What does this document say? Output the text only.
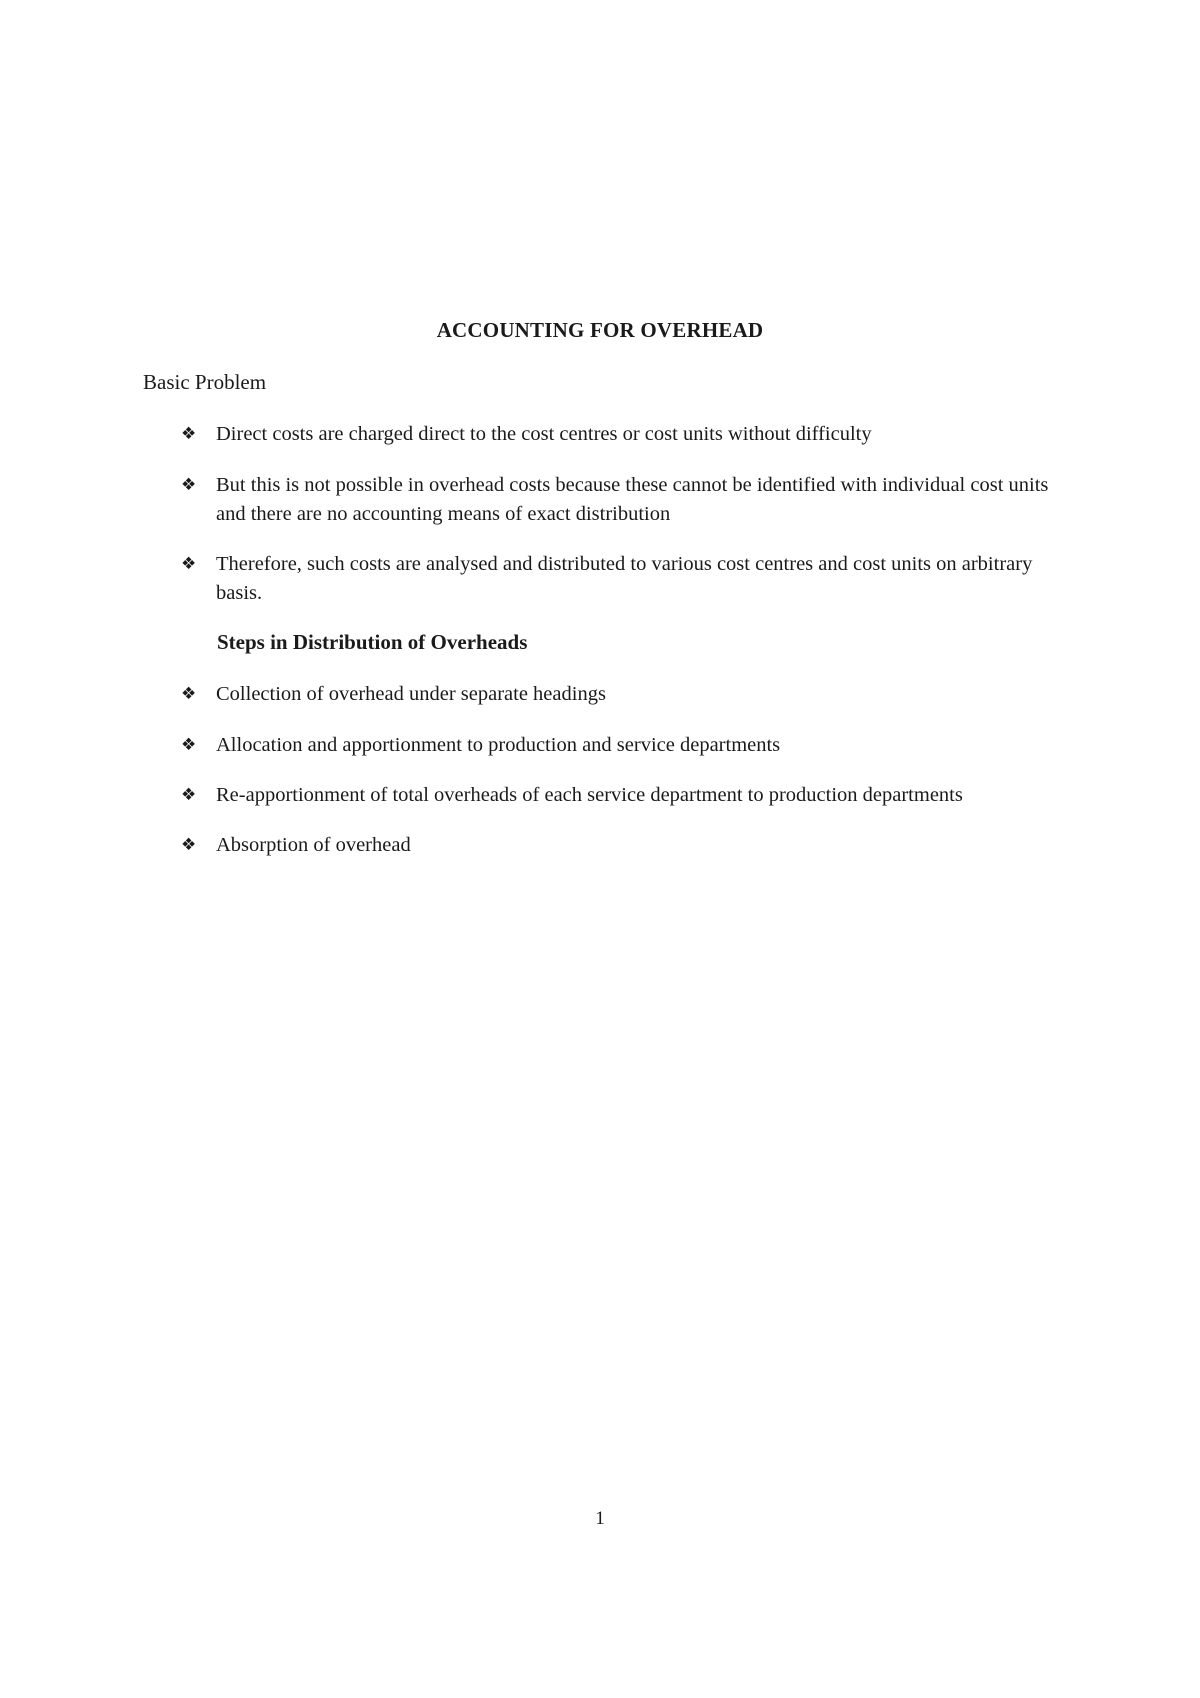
ACCOUNTING FOR OVERHEAD
Basic Problem
❖ Direct costs are charged direct to the cost centres or cost units without difficulty
❖ But this is not possible in overhead costs because these cannot be identified with individual cost units and there are no accounting means of exact distribution
❖ Therefore, such costs are analysed and distributed to various cost centres and cost units on arbitrary basis.
Steps in Distribution of Overheads
❖ Collection of overhead under separate headings
❖ Allocation and apportionment to production and service departments
❖ Re-apportionment of total overheads of each service department to production departments
❖ Absorption of overhead
1
